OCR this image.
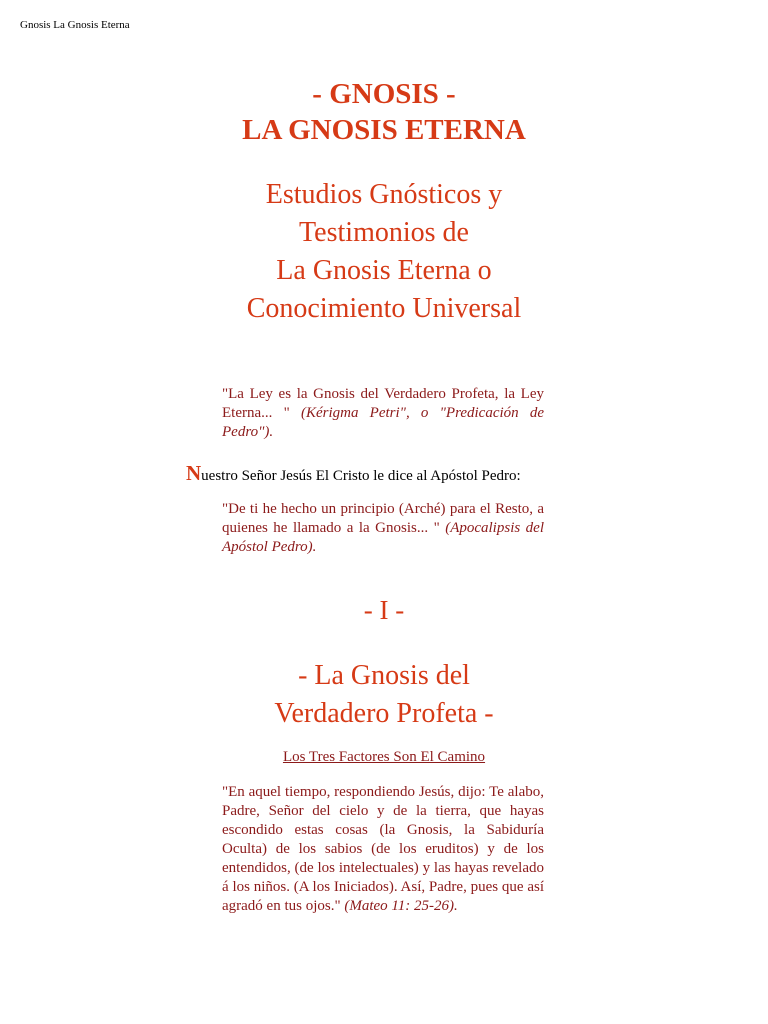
Gnosis La Gnosis Eterna
- GNOSIS -
LA GNOSIS ETERNA
Estudios Gnósticos y
Testimonios de
La Gnosis Eterna o
Conocimiento Universal
"La Ley es la Gnosis del Verdadero Profeta, la Ley Eterna... " (Kérigma Petri", o "Predicación de Pedro").
Nuestro Señor Jesús El Cristo le dice al Apóstol Pedro:
"De ti he hecho un principio (Arché) para el Resto, a quienes he llamado a la Gnosis... " (Apocalipsis del Apóstol Pedro).
- I -
- La Gnosis del
Verdadero Profeta -
Los Tres Factores Son El Camino
"En aquel tiempo, respondiendo Jesús, dijo: Te alabo, Padre, Señor del cielo y de la tierra, que hayas escondido estas cosas (la Gnosis, la Sabiduría Oculta) de los sabios (de los eruditos) y de los entendidos, (de los intelectuales) y las hayas revelado á los niños. (A los Iniciados). Así, Padre, pues que así agradó en tus ojos." (Mateo 11: 25-26).
